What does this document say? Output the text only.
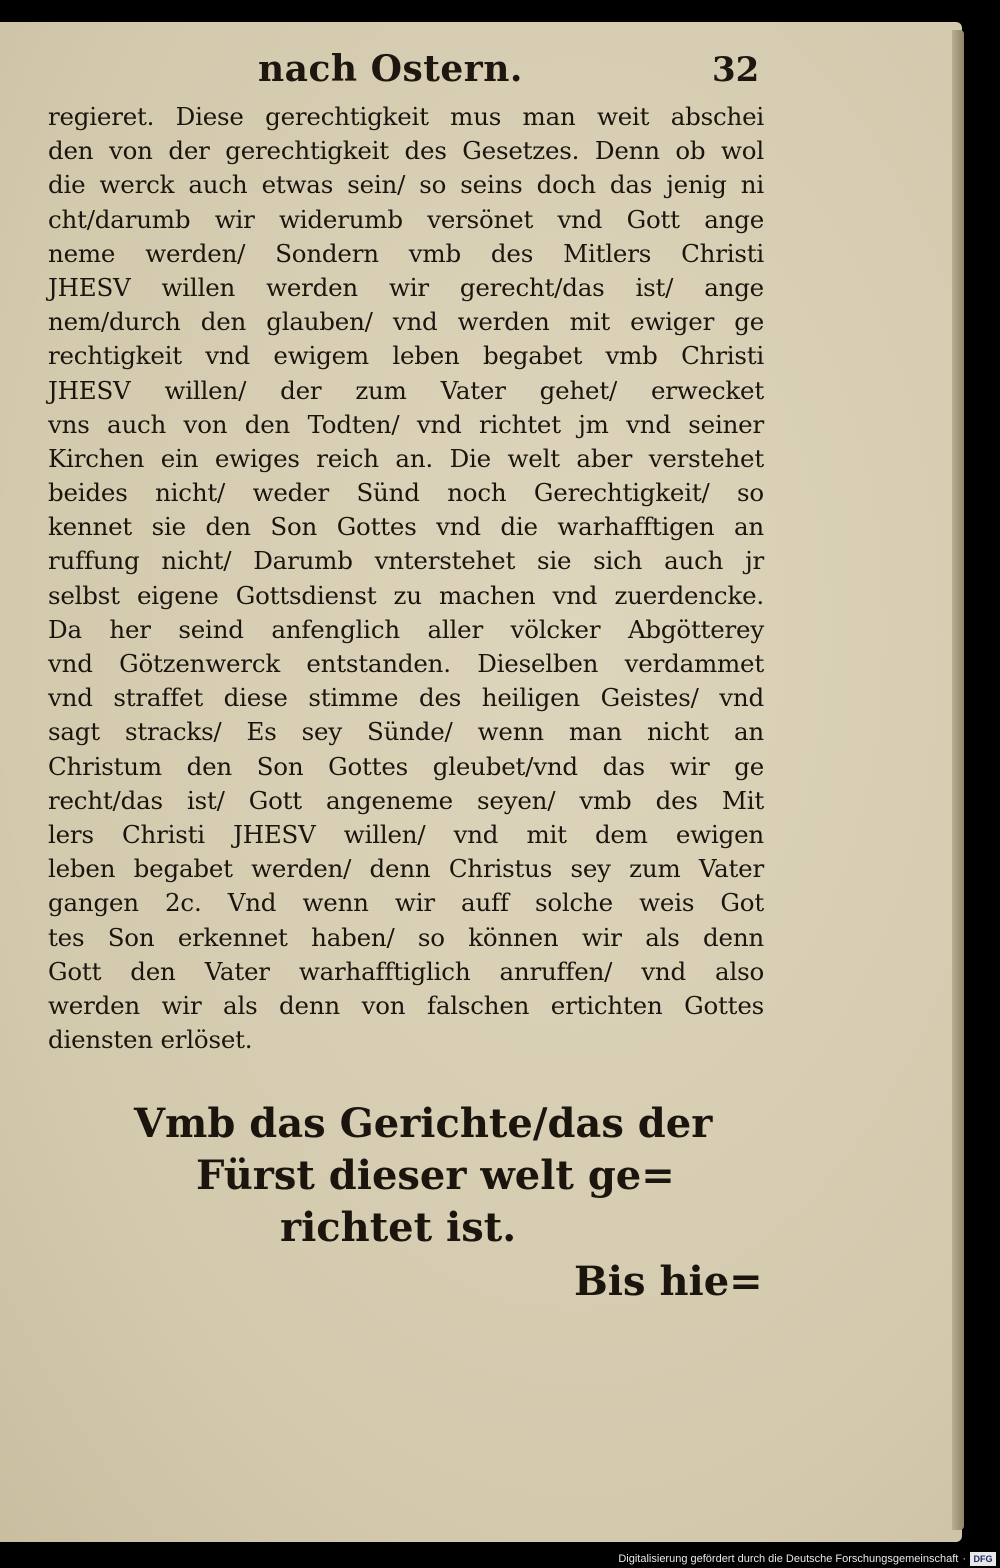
nach Ostern.	32
regieret. Diese gerechtigkeit mus man weit abschei
den von der gerechtigkeit des Gesetzes. Denn ob wol
die werck auch etwas sein/ so seins doch das jenig ni
cht/darumb wir widerumb versönet vnd Gott ange
neme werden/ Sondern vmb des Mitlers Christi
JHESV willen werden wir gerecht/das ist/ ange
nem/durch den glauben/ vnd werden mit ewiger ge
rechtigkeit vnd ewigem leben begabet vmb Christi
JHESV willen/ der zum Vater gehet/ erwecket
vns auch von den Todten/ vnd richtet jm vnd seiner
Kirchen ein ewiges reich an. Die welt aber verstehet
beides nicht/ weder Sünd noch Gerechtigkeit/ so
kennet sie den Son Gottes vnd die warhafftigen an
ruffung nicht/ Darumb vnterstehet sie sich auch jr
selbst eigene Gottsdienst zu machen vnd zuerdencke.
Da her seind anfenglich aller völcker Abgötterey
vnd Götzenwerck entstanden. Dieselben verdammet
vnd straffet diese stimme des heiligen Geistes/ vnd
sagt stracks/ Es sey Sünde/ wenn man nicht an
Christum den Son Gottes gleubet/vnd das wir ge
recht/das ist/ Gott angeneme seyen/ vmb des Mit
lers Christi JHESV willen/ vnd mit dem ewigen
leben begabet werden/ denn Christus sey zum Vater
gangen 2c. Vnd wenn wir auff solche weis Got
tes Son erkennet haben/ so können wir als denn
Gott den Vater warhafftiglich anruffen/ vnd also
werden wir als denn von falschen ertichten Gottes
diensten erlöset.
Vmb das Gerichte/das der
Fürst dieser welt ge=
richtet ist.
Bis hie=
Digitalisierung gefördert durch die Deutsche Forschungsgemeinschaft · DFG
